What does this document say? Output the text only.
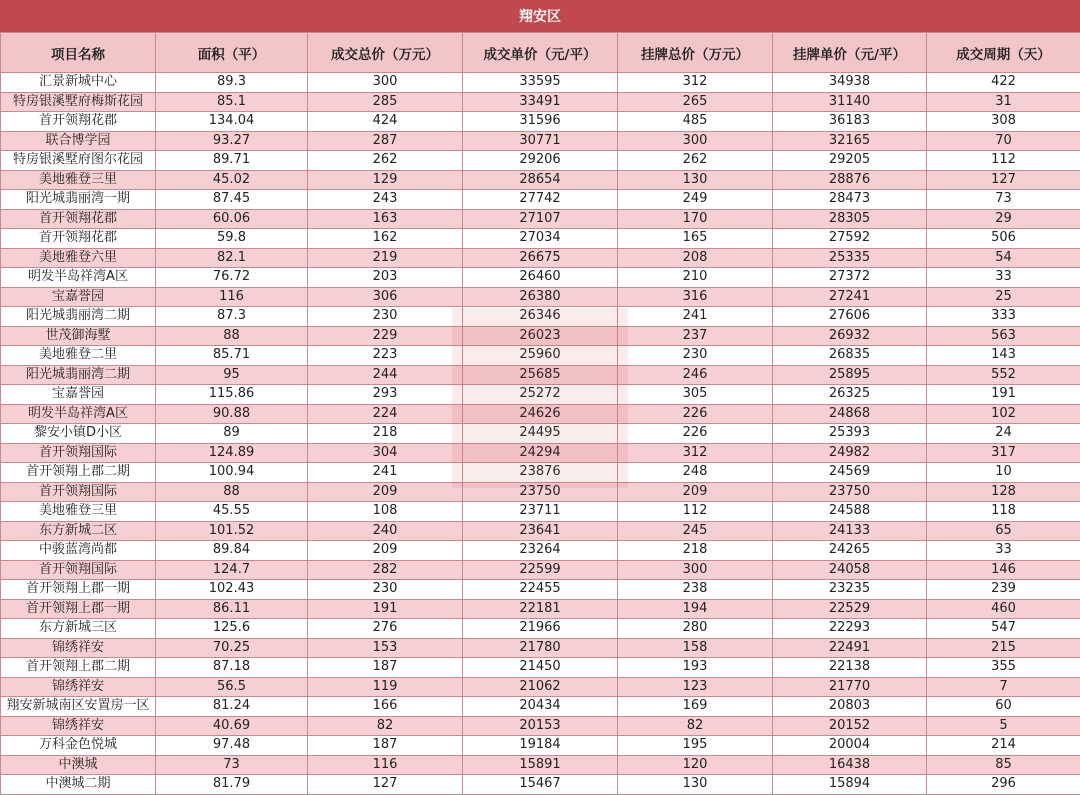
翔安区
项目名称	面积（平）	成交总价（万元）	成交单价（元/平）	挂牌总价（万元）	挂牌单价（元/平）	成交周期（天）
汇景新城中心	89.3	300	33595	312	34938	422
特房银溪墅府梅斯花园	85.1	285	33491	265	31140	31
首开领翔花郡	134.04	424	31596	485	36183	308
联合博学园	93.27	287	30771	300	32165	70
特房银溪墅府图尔花园	89.71	262	29206	262	29205	112
美地雅登三里	45.02	129	28654	130	28876	127
阳光城翡丽湾一期	87.45	243	27742	249	28473	73
首开领翔花郡	60.06	163	27107	170	28305	29
首开领翔花郡	59.8	162	27034	165	27592	506
美地雅登六里	82.1	219	26675	208	25335	54
明发半岛祥湾A区	76.72	203	26460	210	27372	33
宝嘉誉园	116	306	26380	316	27241	25
阳光城翡丽湾二期	87.3	230	26346	241	27606	333
世茂御海墅	88	229	26023	237	26932	563
美地雅登二里	85.71	223	25960	230	26835	143
阳光城翡丽湾二期	95	244	25685	246	25895	552
宝嘉誉园	115.86	293	25272	305	26325	191
明发半岛祥湾A区	90.88	224	24626	226	24868	102
黎安小镇D小区	89	218	24495	226	25393	24
首开领翔国际	124.89	304	24294	312	24982	317
首开领翔上郡二期	100.94	241	23876	248	24569	10
首开领翔国际	88	209	23750	209	23750	128
美地雅登三里	45.55	108	23711	112	24588	118
东方新城二区	101.52	240	23641	245	24133	65
中骏蓝湾尚都	89.84	209	23264	218	24265	33
首开领翔国际	124.7	282	22599	300	24058	146
首开领翔上郡一期	102.43	230	22455	238	23235	239
首开领翔上郡一期	86.11	191	22181	194	22529	460
东方新城三区	125.6	276	21966	280	22293	547
锦绣祥安	70.25	153	21780	158	22491	215
首开领翔上郡二期	87.18	187	21450	193	22138	355
锦绣祥安	56.5	119	21062	123	21770	7
翔安新城南区安置房一区	81.24	166	20434	169	20803	60
锦绣祥安	40.69	82	20153	82	20152	5
万科金色悦城	97.48	187	19184	195	20004	214
中澳城	73	116	15891	120	16438	85
中澳城二期	81.79	127	15467	130	15894	296
